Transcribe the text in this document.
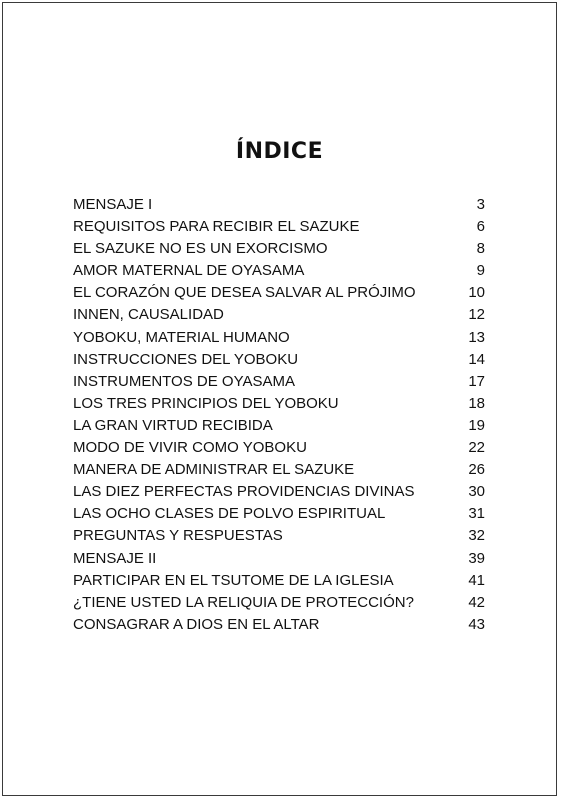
ÍNDICE
MENSAJE I	3
REQUISITOS PARA RECIBIR EL SAZUKE	6
EL SAZUKE NO ES UN EXORCISMO	8
AMOR MATERNAL DE OYASAMA	9
EL CORAZÓN QUE DESEA SALVAR AL PRÓJIMO	10
INNEN, CAUSALIDAD	12
YOBOKU, MATERIAL HUMANO	13
INSTRUCCIONES DEL YOBOKU	14
INSTRUMENTOS DE OYASAMA	17
LOS TRES PRINCIPIOS DEL YOBOKU	18
LA GRAN VIRTUD RECIBIDA	19
MODO DE VIVIR COMO YOBOKU	22
MANERA DE ADMINISTRAR EL SAZUKE	26
LAS DIEZ PERFECTAS PROVIDENCIAS DIVINAS	30
LAS OCHO CLASES DE POLVO ESPIRITUAL	31
PREGUNTAS Y RESPUESTAS	32
MENSAJE II	39
PARTICIPAR EN EL TSUTOME DE LA IGLESIA	41
¿TIENE USTED LA RELIQUIA DE PROTECCIÓN?	42
CONSAGRAR A DIOS EN EL ALTAR	43
